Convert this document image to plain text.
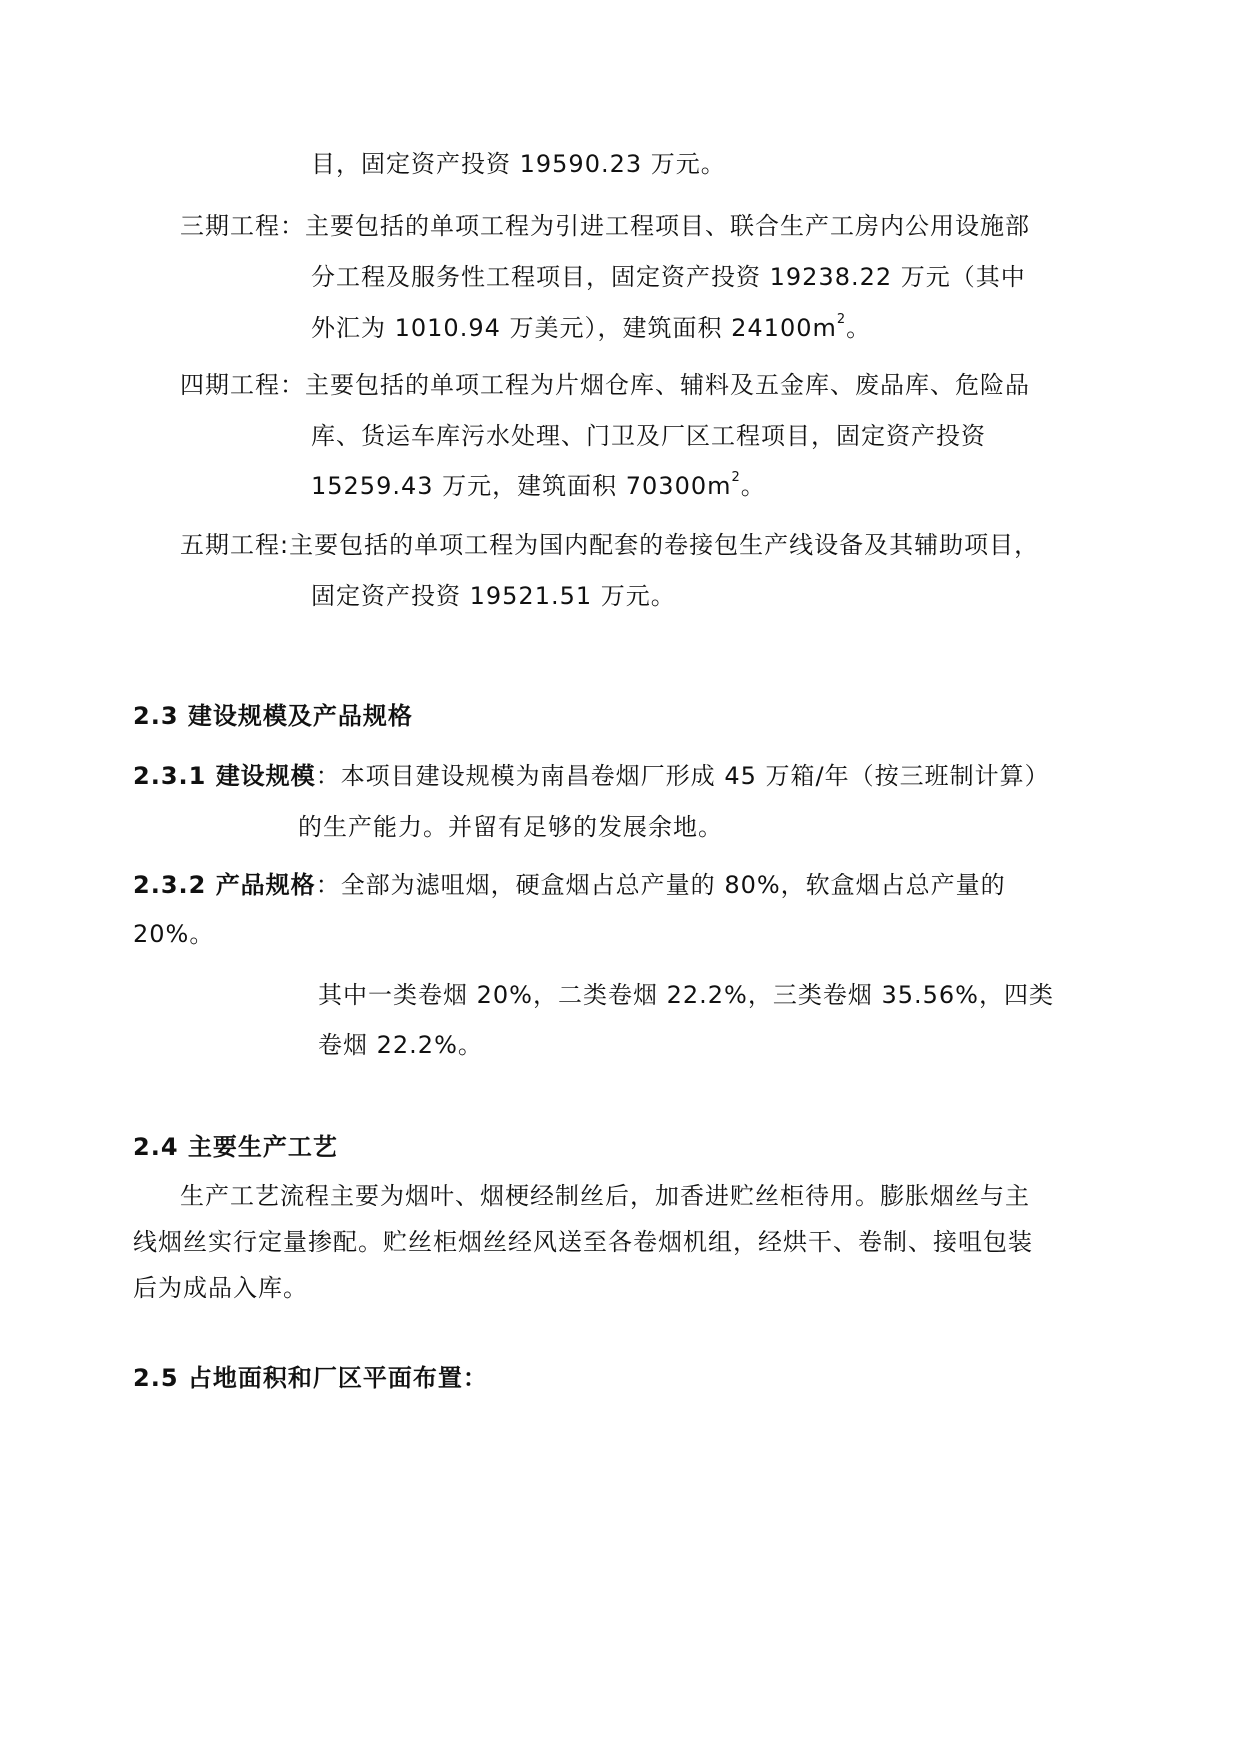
目，固定资产投资 19590.23 万元。
三期工程：主要包括的单项工程为引进工程项目、联合生产工房内公用设施部
分工程及服务性工程项目，固定资产投资 19238.22 万元（其中
外汇为 1010.94 万美元），建筑面积 $24100m^2$。
四期工程：主要包括的单项工程为片烟仓库、辅料及五金库、废品库、危险品
库、货运车库污水处理、门卫及厂区工程项目，固定资产投资
15259.43 万元，建筑面积 $70300m^2$。
五期工程:主要包括的单项工程为国内配套的卷接包生产线设备及其辅助项目，
固定资产投资 19521.51 万元。
2.3 建设规模及产品规格
2.3.1 建设规模：本项目建设规模为南昌卷烟厂形成 45 万箱/年（按三班制计算）
的生产能力。并留有足够的发展余地。
2.3.2 产品规格：全部为滤咀烟，硬盒烟占总产量的 80%，软盒烟占总产量的
20%。
其中一类卷烟 20%，二类卷烟 22.2%，三类卷烟 35.56%，四类
卷烟 22.2%。
2.4 主要生产工艺
生产工艺流程主要为烟叶、烟梗经制丝后，加香进贮丝柜待用。膨胀烟丝与主
线烟丝实行定量掺配。贮丝柜烟丝经风送至各卷烟机组，经烘干、卷制、接咀包装
后为成品入库。
2.5 占地面积和厂区平面布置：
